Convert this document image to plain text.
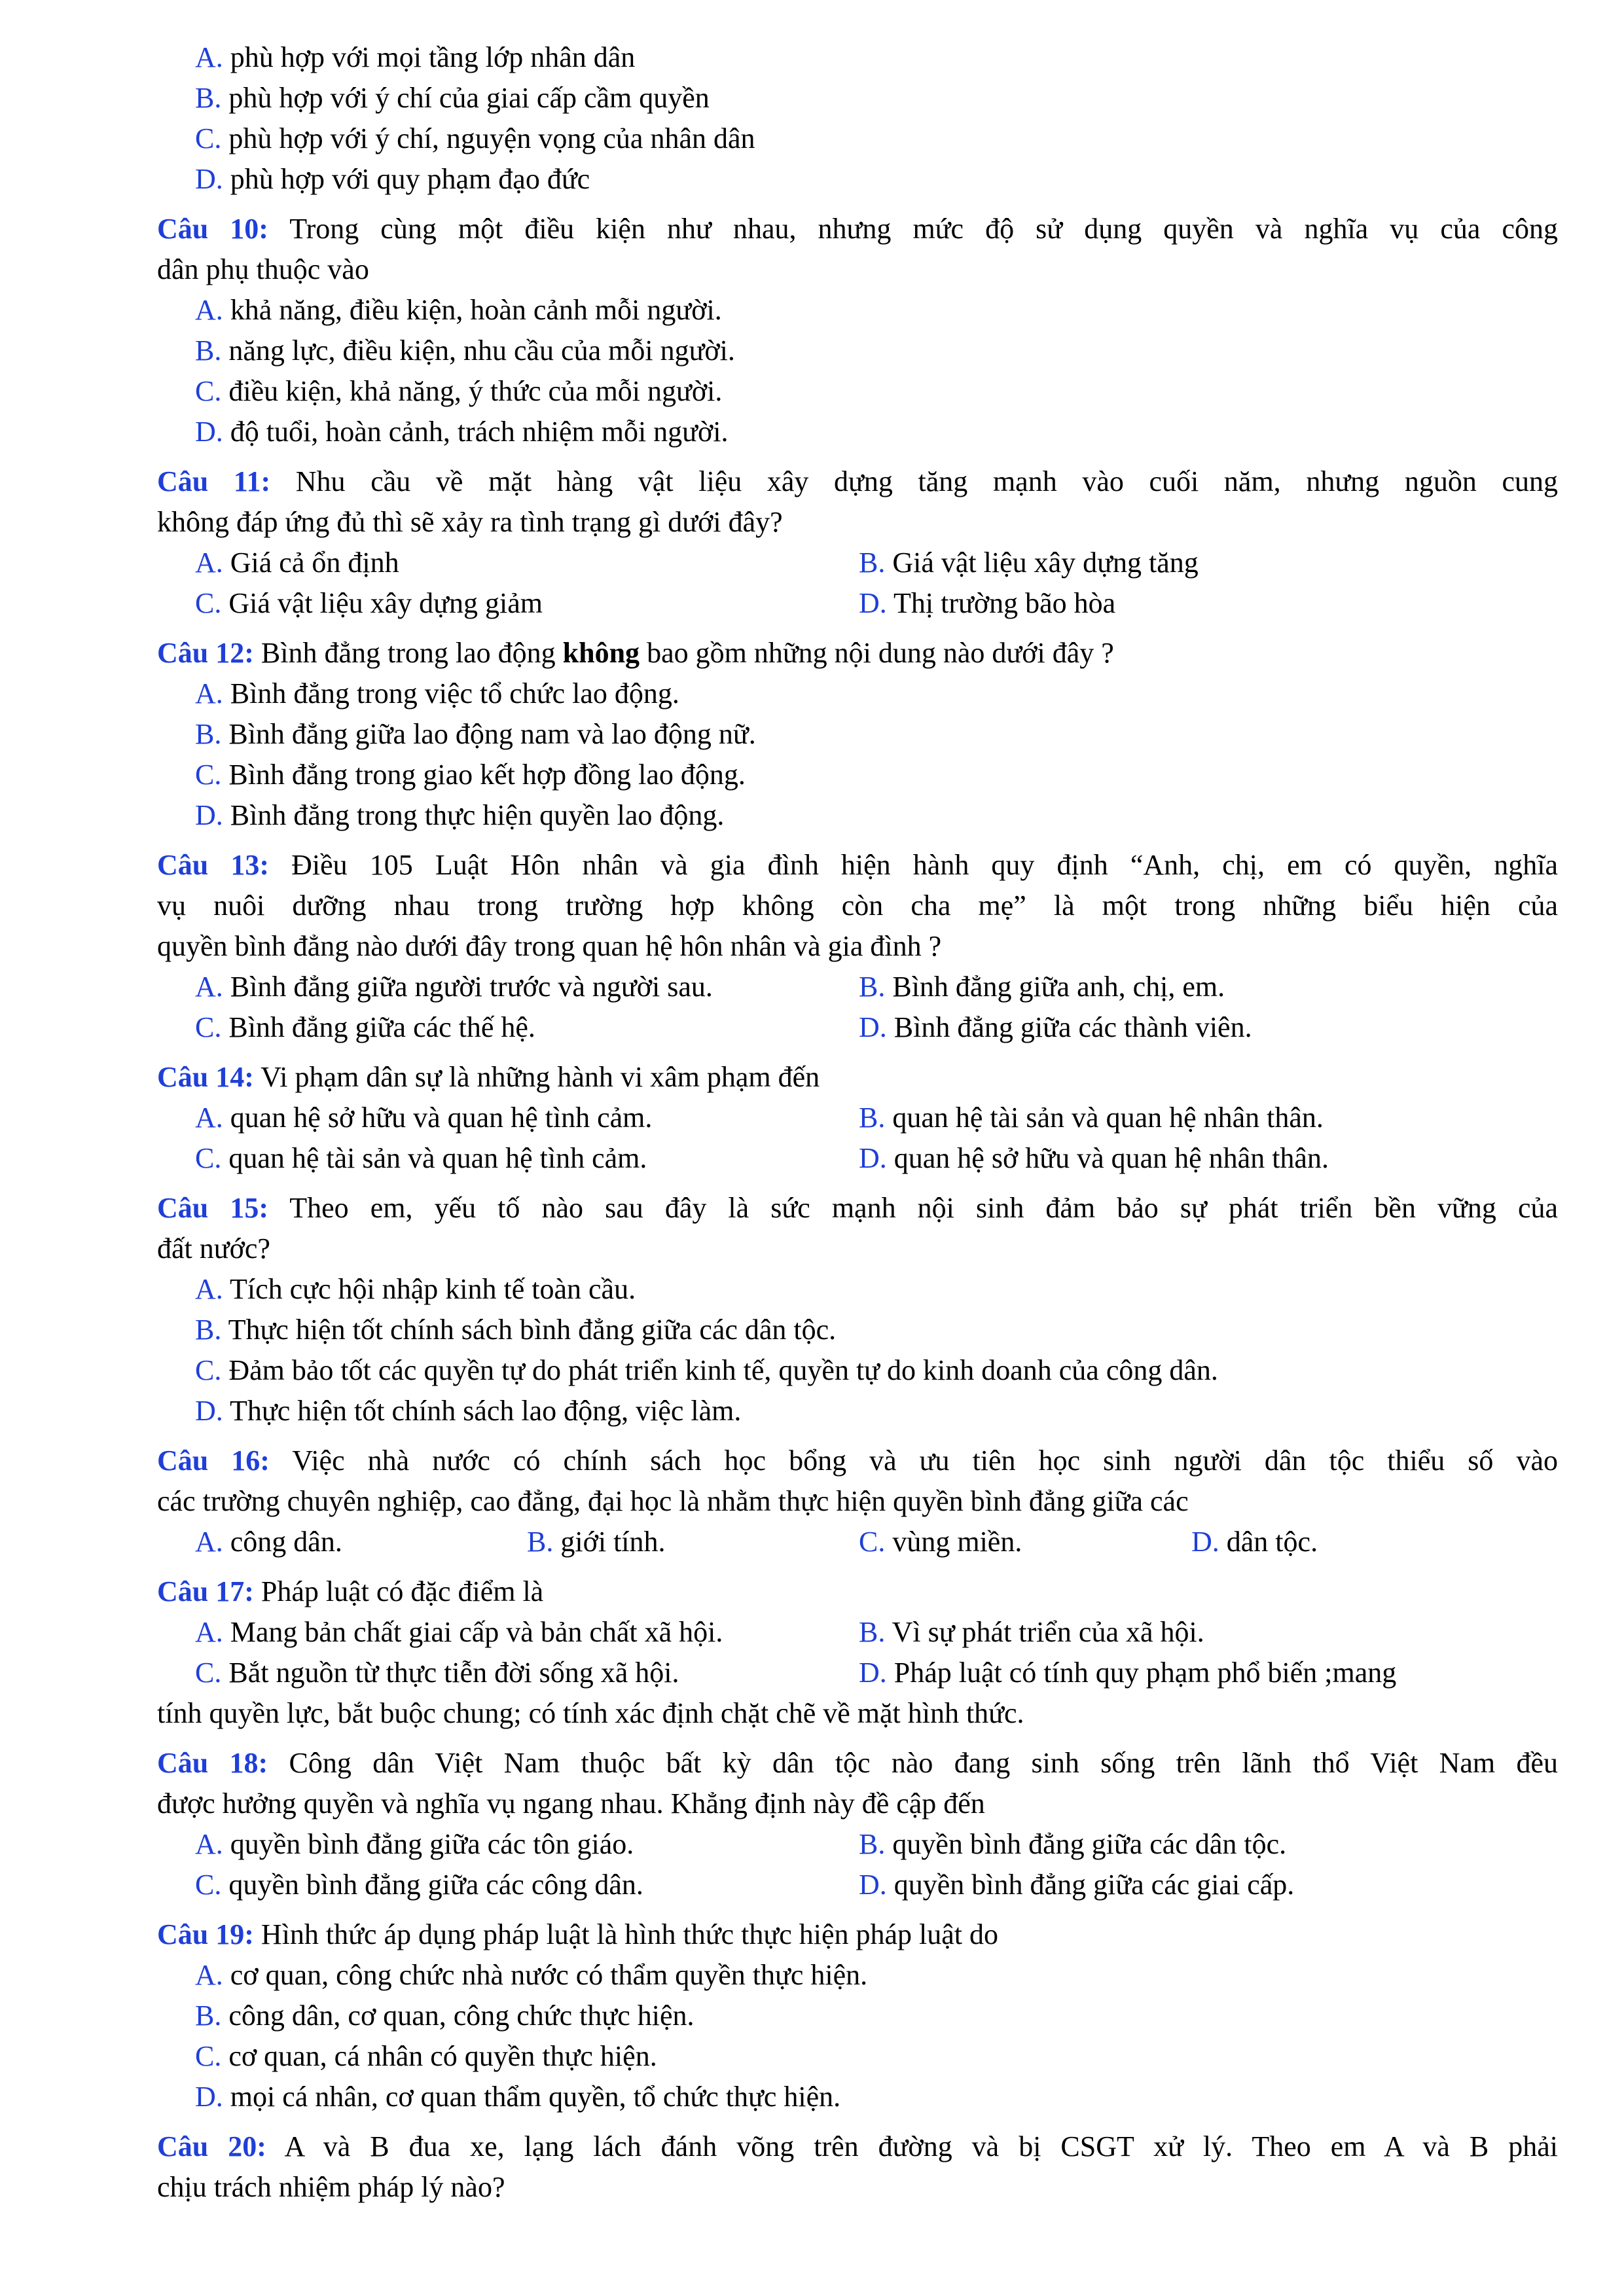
A. phù hợp với mọi tầng lớp nhân dân
B. phù hợp với ý chí của giai cấp cầm quyền
C. phù hợp với ý chí, nguyện vọng của nhân dân
D. phù hợp với quy phạm đạo đức
Câu 10: Trong cùng một điều kiện như nhau, nhưng mức độ sử dụng quyền và nghĩa vụ của công
dân phụ thuộc vào
A. khả năng, điều kiện, hoàn cảnh mỗi người.
B. năng lực, điều kiện, nhu cầu của mỗi người.
C. điều kiện, khả năng, ý thức của mỗi người.
D. độ tuổi, hoàn cảnh, trách nhiệm mỗi người.
Câu 11: Nhu cầu về mặt hàng vật liệu xây dựng tăng mạnh vào cuối năm, nhưng nguồn cung
không đáp ứng đủ thì sẽ xảy ra tình trạng gì dưới đây?
A. Giá cả ổn định	B. Giá vật liệu xây dựng tăng
C. Giá vật liệu xây dựng giảm	D. Thị trường bão hòa
Câu 12: Bình đẳng trong lao động không bao gồm những nội dung nào dưới đây ?
A. Bình đẳng trong việc tổ chức lao động.
B. Bình đẳng giữa lao động nam và lao động nữ.
C. Bình đẳng trong giao kết hợp đồng lao động.
D. Bình đẳng trong thực hiện quyền lao động.
Câu 13: Điều 105 Luật Hôn nhân và gia đình hiện hành quy định “Anh, chị, em có quyền, nghĩa
vụ nuôi dưỡng nhau trong trường hợp không còn cha mẹ” là một trong những biểu hiện của
quyền bình đẳng nào dưới đây trong quan hệ hôn nhân và gia đình ?
A. Bình đẳng giữa người trước và người sau.	B. Bình đẳng giữa anh, chị, em.
C. Bình đẳng giữa các thế hệ.	D. Bình đẳng giữa các thành viên.
Câu 14: Vi phạm dân sự là những hành vi xâm phạm đến
A. quan hệ sở hữu và quan hệ tình cảm.	B. quan hệ tài sản và quan hệ nhân thân.
C. quan hệ tài sản và quan hệ tình cảm.	D. quan hệ sở hữu và quan hệ nhân thân.
Câu 15: Theo em, yếu tố nào sau đây là sức mạnh nội sinh đảm bảo sự phát triển bền vững của
đất nước?
A. Tích cực hội nhập kinh tế toàn cầu.
B. Thực hiện tốt chính sách bình đẳng giữa các dân tộc.
C. Đảm bảo tốt các quyền tự do phát triển kinh tế, quyền tự do kinh doanh của công dân.
D. Thực hiện tốt chính sách lao động, việc làm.
Câu 16: Việc nhà nước có chính sách học bổng và ưu tiên học sinh người dân tộc thiểu số vào
các trường chuyên nghiệp, cao đẳng, đại học là nhằm thực hiện quyền bình đẳng giữa các
A. công dân.	B. giới tính.	C. vùng miền.	D. dân tộc.
Câu 17: Pháp luật có đặc điểm là
A. Mang bản chất giai cấp và bản chất xã hội.	B. Vì sự phát triển của xã hội.
C. Bắt nguồn từ thực tiễn đời sống xã hội.	D. Pháp luật có tính quy phạm phổ biến ;mang
tính quyền lực, bắt buộc chung; có tính xác định chặt chẽ về mặt hình thức.
Câu 18: Công dân Việt Nam thuộc bất kỳ dân tộc nào đang sinh sống trên lãnh thổ Việt Nam đều
được hưởng quyền và nghĩa vụ ngang nhau. Khẳng định này đề cập đến
A. quyền bình đẳng giữa các tôn giáo.	B. quyền bình đẳng giữa các dân tộc.
C. quyền bình đẳng giữa các công dân.	D. quyền bình đẳng giữa các giai cấp.
Câu 19: Hình thức áp dụng pháp luật là hình thức thực hiện pháp luật do
A. cơ quan, công chức nhà nước có thẩm quyền thực hiện.
B. công dân, cơ quan, công chức thực hiện.
C. cơ quan, cá nhân có quyền thực hiện.
D. mọi cá nhân, cơ quan thẩm quyền, tổ chức thực hiện.
Câu 20: A và B đua xe, lạng lách đánh võng trên đường và bị CSGT xử lý. Theo em A và B phải
chịu trách nhiệm pháp lý nào?
